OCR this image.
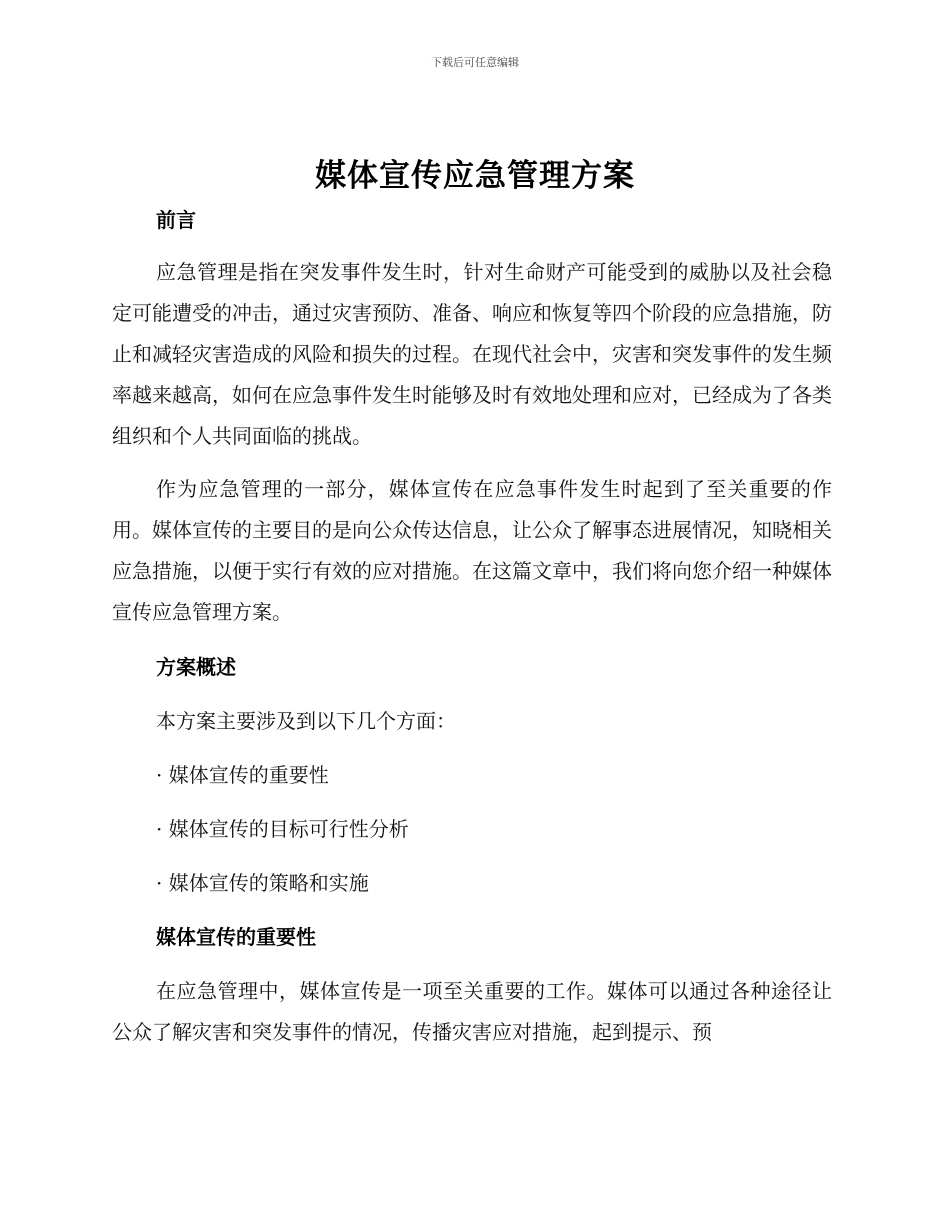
下载后可任意编辑
媒体宣传应急管理方案
前言

应急管理是指在突发事件发生时，针对生命财产可能受到的威胁以及社会稳定可能遭受的冲击，通过灾害预防、准备、响应和恢复等四个阶段的应急措施，防止和减轻灾害造成的风险和损失的过程。在现代社会中，灾害和突发事件的发生频率越来越高，如何在应急事件发生时能够及时有效地处理和应对，已经成为了各类组织和个人共同面临的挑战。

作为应急管理的一部分，媒体宣传在应急事件发生时起到了至关重要的作用。媒体宣传的主要目的是向公众传达信息，让公众了解事态进展情况，知晓相关应急措施，以便于实行有效的应对措施。在这篇文章中，我们将向您介绍一种媒体宣传应急管理方案。

方案概述

本方案主要涉及到以下几个方面：

· 媒体宣传的重要性

· 媒体宣传的目标可行性分析

· 媒体宣传的策略和实施

媒体宣传的重要性

在应急管理中，媒体宣传是一项至关重要的工作。媒体可以通过各种途径让公众了解灾害和突发事件的情况，传播灾害应对措施，起到提示、预
